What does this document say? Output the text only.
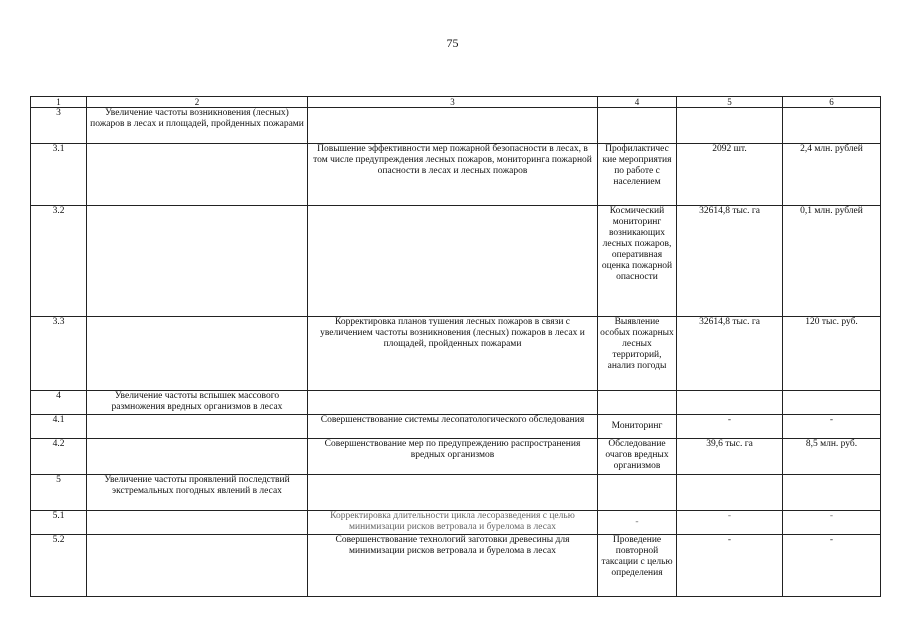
75
1	2	3	4	5	6
3	Увеличение частоты возникновения (лесных) пожаров в лесах и площадей, пройденных пожарами				
3.1		Повышение эффективности мер пожарной безопасности в лесах, в том числе предупреждения лесных пожаров, мониторинга пожарной опасности в лесах и лесных пожаров	Профилактичес кие мероприятия по работе с населением	2092 шт.	2,4 млн. рублей
3.2			Космический мониторинг возникающих лесных пожаров, оперативная оценка пожарной опасности	32614,8 тыс. га	0,1 млн. рублей
3.3		Корректировка планов тушения лесных пожаров в связи с увеличением частоты возникновения (лесных) пожаров в лесах и площадей, пройденных пожарами	Выявление особых пожарных лесных территорий, анализ погоды	32614,8 тыс. га	120 тыс. руб.
4	Увеличение частоты вспышек массового размножения вредных организмов в лесах				
4.1		Совершенствование системы лесопатологического обследования	Мониторинг	-	-
4.2		Совершенствование мер по предупреждению распространения вредных организмов	Обследование очагов вредных организмов	39,6 тыс. га	8,5 млн. руб.
5	Увеличение частоты проявлений последствий экстремальных погодных явлений в лесах				
5.1		Корректировка длительности цикла лесоразведения с целью минимизации рисков ветровала и бурелома в лесах	-	-	-
5.2		Совершенствование технологий заготовки древесины для минимизации рисков ветровала и бурелома в лесах	Проведение повторной таксации с целью определения	-	-
